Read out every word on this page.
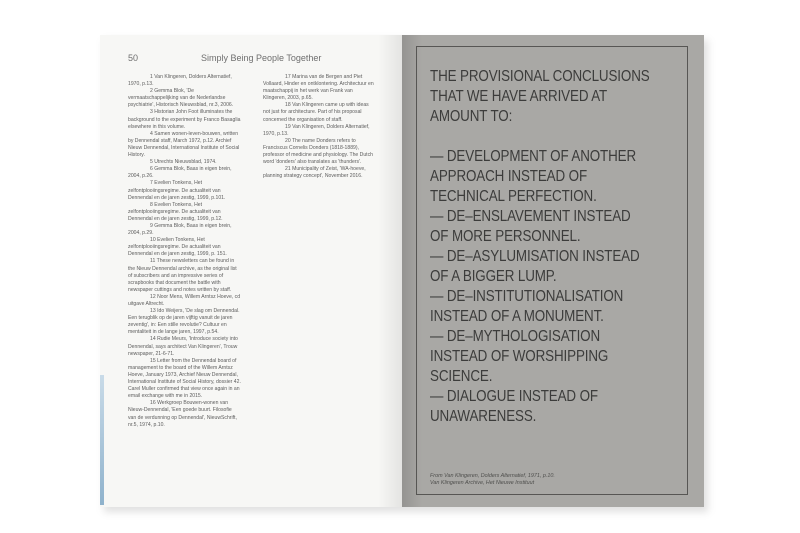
50	Simply Being People Together

1 Van Klingeren, Dolders Alternatief, 1970, p.13.

2 Gemma Blok, 'De vermaatschappelijking van de Nederlandse psychiatrie', Historisch Nieuwsblad, nr.3, 2006.

3 Historian John Foot illuminates the background to the experiment by Franco Basaglia elsewhere in this volume.

4 Samen wonen-leven-bouwen, written by Dennendal staff, March 1972, p.12. Archief Nieuw Dennendal, International Institute of Social History.

5 Utrechts Nieuwsblad, 1974.

6 Gemma Blok, Baas in eigen brein, 2004, p.26.

7 Evelien Tonkens, Het zelfontplooiingsregime. De actualiteit van Dennendal en de jaren zestig, 1999, p.101.

8 Evelien Tonkens, Het zelfontplooiingsregime. De actualiteit van Dennendal en de jaren zestig, 1999, p.12.

9 Gemma Blok, Baas in eigen brein, 2004, p.29.

10 Evelien Tonkens, Het zelfontplooiingsregime. De actualiteit van Dennendal en de jaren zestig, 1999, p. 151.

11 These newsletters can be found in the Nieuw Dennendal archive, as the original list of subscribers and an impressive series of scrapbooks that document the battle with newspaper cuttings and notes written by staff.

12 Noor Mens, Willem Arntsz Hoeve, cd uitgave Altrecht.

13 Ido Weijers, 'De slag om Dennendal. Een terugblik op de jaren vijftig vanuit de jaren zeventig', in: Een stille revolutie? Cultuur en mentaliteit in de lange jaren, 1997, p.54.

14 Rudie Meurs, 'Introduce society into Dennendal, says architect Van Klingeren', Trouw newspaper, 21-6-71.

15 Letter from the Dennendal board of management to the board of the Willem Arntsz Hoeve, January 1973, Archief Nieuw Dennendal, International Institute of Social History, dossier 42. Carel Muller confirmed that view once again in an email exchange with me in 2015.

16 Werkgroep Bouwen-wonen van Nieuw-Dennendal, 'Een goede buurt. Filosofie van de verdunning op Dennendal', NieuwSchrift, nr.5, 1974, p.10.

17 Marina van de Bergen and Piet Vollaard, Hinder en ontklontering. Architectuur en maatschappij in het werk van Frank van Klingeren, 2003, p.65.

18 Van Klingeren came up with ideas not just for architecture. Part of his proposal concerned the organisation of staff.

19 Van Klingeren, Dolders Alternatief, 1970, p.13.

20 The name Donders refers to Franciscus Cornelis Donders (1818-1889), professor of medicine and physiology. The Dutch word 'donders' also translates as 'thunders'.

21 Municipality of Zeist, 'WA-hoeve, planning strategy concept', November 2016.

THE PROVISIONAL CONCLUSIONS

THAT WE HAVE ARRIVED AT

AMOUNT TO:

— DEVELOPMENT OF ANOTHER

APPROACH INSTEAD OF

TECHNICAL PERFECTION.

— DE–ENSLAVEMENT INSTEAD

OF MORE PERSONNEL.

— DE–ASYLUMISATION INSTEAD

OF A BIGGER LUMP.

— DE–INSTITUTIONALISATION

INSTEAD OF A MONUMENT.

— DE–MYTHOLOGISATION

INSTEAD OF WORSHIPPING

SCIENCE.

— DIALOGUE INSTEAD OF

UNAWARENESS.

From Van Klingeren, Dolders Alternatief, 1971, p.10.
Van Klingeren Archive, Het Nieuwe Instituut
